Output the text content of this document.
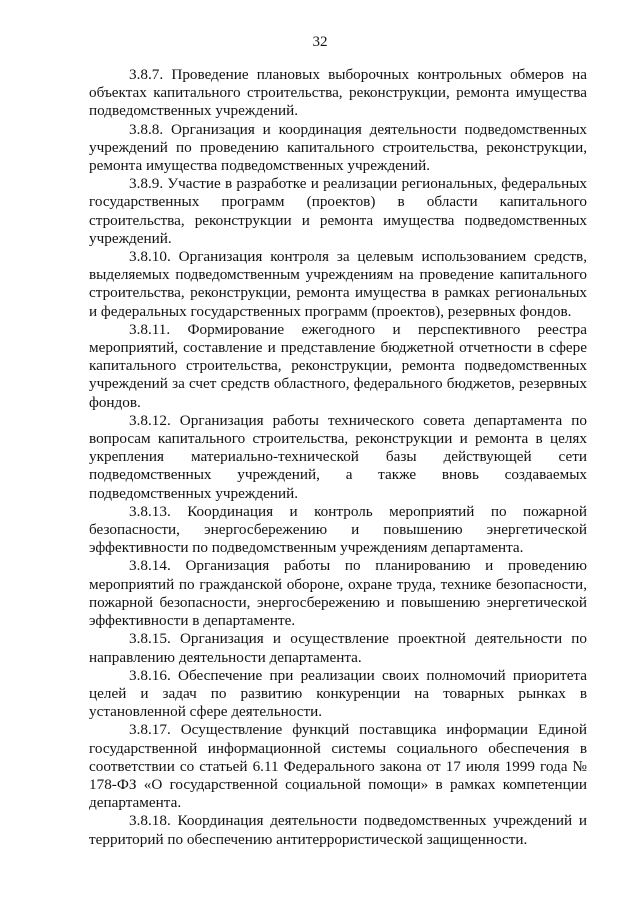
32

3.8.7. Проведение плановых выборочных контрольных обмеров на объектах капитального строительства, реконструкции, ремонта имущества подведомственных учреждений.

3.8.8. Организация и координация деятельности подведомственных учреждений по проведению капитального строительства, реконструкции, ремонта имущества подведомственных учреждений.

3.8.9. Участие в разработке и реализации региональных, федеральных государственных программ (проектов) в области капитального строительства, реконструкции и ремонта имущества подведомственных учреждений.

3.8.10. Организация контроля за целевым использованием средств, выделяемых подведомственным учреждениям на проведение капитального строительства, реконструкции, ремонта имущества в рамках региональных и федеральных государственных программ (проектов), резервных фондов.

3.8.11. Формирование ежегодного и перспективного реестра мероприятий, составление и представление бюджетной отчетности в сфере капитального строительства, реконструкции, ремонта подведомственных учреждений за счет средств областного, федерального бюджетов, резервных фондов.

3.8.12. Организация работы технического совета департамента по вопросам капитального строительства, реконструкции и ремонта в целях укрепления материально-технической базы действующей сети подведомственных учреждений, а также вновь создаваемых подведомственных учреждений.

3.8.13. Координация и контроль мероприятий по пожарной безопасности, энергосбережению и повышению энергетической эффективности по подведомственным учреждениям департамента.

3.8.14. Организация работы по планированию и проведению мероприятий по гражданской обороне, охране труда, технике безопасности, пожарной безопасности, энергосбережению и повышению энергетической эффективности в департаменте.

3.8.15. Организация и осуществление проектной деятельности по направлению деятельности департамента.

3.8.16. Обеспечение при реализации своих полномочий приоритета целей и задач по развитию конкуренции на товарных рынках в установленной сфере деятельности.

3.8.17. Осуществление функций поставщика информации Единой государственной информационной системы социального обеспечения в соответствии со статьей 6.11 Федерального закона от 17 июля 1999 года № 178-ФЗ «О государственной социальной помощи» в рамках компетенции департамента.

3.8.18. Координация деятельности подведомственных учреждений и территорий по обеспечению антитеррористической защищенности.
